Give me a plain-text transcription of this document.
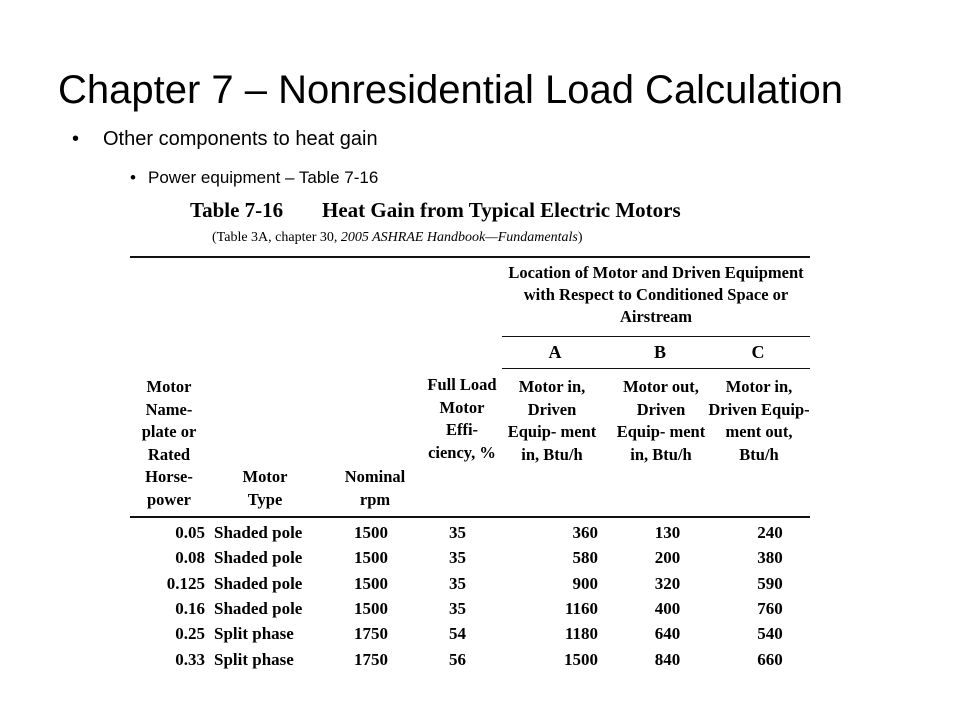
Chapter 7 – Nonresidential Load Calculation
• Other components to heat gain
• Power equipment – Table 7-16
Table 7-16 Heat Gain from Typical Electric Motors
(Table 3A, chapter 30, 2005 ASHRAE Handbook—Fundamentals)
Location of Motor and Driven Equipment with Respect to Conditioned Space or Airstream
A	B	C
Motor Name- plate or Rated Horse- power
Motor Type
Nominal rpm
Full Load Motor Effi- ciency, %
Motor in, Driven Equip- ment in, Btu/h
Motor out, Driven Equip- ment in, Btu/h
Motor in, Driven Equip- ment out, Btu/h
0.05 Shaded pole	1500	35	360	130	240
0.08 Shaded pole	1500	35	580	200	380
0.125 Shaded pole	1500	35	900	320	590
0.16 Shaded pole	1500	35	1160	400	760
0.25 Split phase	1750	54	1180	640	540
0.33 Split phase	1750	56	1500	840	660
